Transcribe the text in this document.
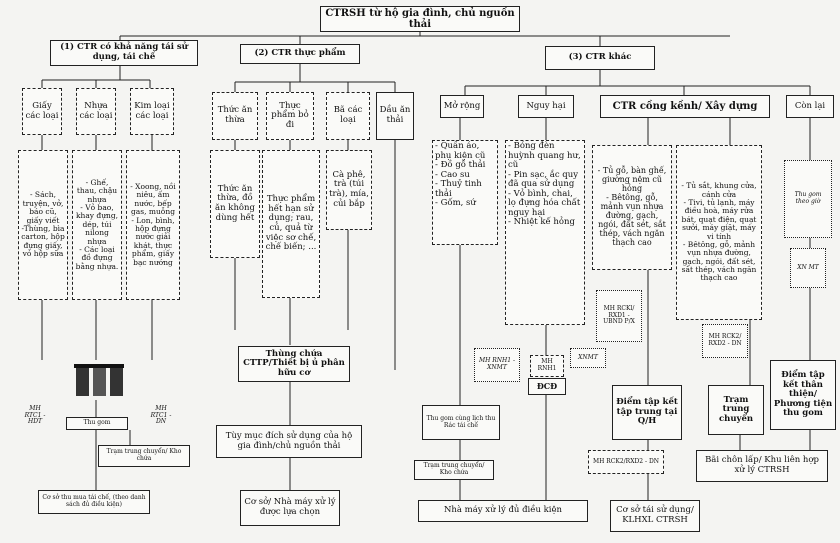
CTRSH từ hộ gia đình, chủ nguồn thải
(1) CTR có khả năng tái sử dụng, tái chế	(2) CTR thực phẩm	(3) CTR khác
Giấy các loại
Nhựa các loại
Kim loại các loại
- Sách, truyện, vở, báo cũ, giấy viết
-Thùng, bìa carton, hộp đựng giấy, vỏ hộp sữa
- Ghế, thau, chậu nhựa
- Vỏ bao, khay đựng, dép, túi nilong nhựa
- Các loại đồ đựng bằng nhựa.
- Xoong, nồi niêu, ấm nước, bếp gas, muỗng
- Lon, bình, hộp đựng nước giải khát, thực phẩm, giấy bạc nướng
MH RTC1 - HDT
MH RTC1 - DN
Thu gom
Trạm trung chuyển/ Kho chứa
Cơ sở thu mua tái chế, (theo danh sách đủ điều kiện)
Thức ăn thừa
Thực phẩm bỏ đi
Bã các loại
Dầu ăn thải
Thức ăn thừa, đồ ăn không dùng hết
Thực phẩm hết hạn sử dụng; rau, củ, quả từ việc sơ chế, chế biến; ...
Cà phê, trà (túi trà), mía, củi bắp
Thùng chứa CTTP/Thiết bị ủ phân hữu cơ
Tùy mục đích sử dụng của hộ gia đình/chủ nguồn thải
Cơ sở/ Nhà máy xử lý được lựa chọn
Mở rộng	Nguy hại	CTR cồng kềnh/ Xây dựng	Còn lại
- Quần áo, phụ kiện cũ
- Đồ gỗ thải
- Cao su
- Thuỷ tinh thải
- Gốm, sứ
- Bóng đèn huỳnh quang hư, cũ
- Pin sạc, ắc quy đã qua sử dụng
- Vỏ bình, chai, lọ đựng hóa chất nguy hại
- Nhiệt kế hỏng
- Tủ gỗ, bàn ghế, giường nệm cũ hỏng
- Bêtông, gỗ, mảnh vụn nhựa đường, gạch, ngói, đất sét, sắt thép, vách ngăn thạch cao
- Tủ sắt, khung cửa, cánh cửa
- Tivi, tủ lạnh, máy điều hoà, máy rửa bát, quạt điện, quạt sưởi, máy giặt, máy vi tính
- Bêtông, gỗ, mảnh vụn nhựa đường, gạch, ngói, đất sét, sắt thép, vách ngăn thạch cao
Thu gom theo giờ
XN MT
MH RNH1 - XNMT
MH RNH1
ĐCĐ
XNMT
MH RCKl/ RXD1 - UBND P/X
MH RCK2/ RXD2 - DN
Điểm tập kết tập trung tại Q/H
Trạm trung chuyển
Điểm tập kết thân thiện/ Phương tiện thu gom
Thu gom cùng lịch thu Rác tái chế
Trạm trung chuyển/ Kho chứa
Nhà máy xử lý đủ điều kiện
MH RCK2/RXD2 - DN
Cơ sở tái sử dụng/ KLHXL CTRSH
Bãi chôn lấp/ Khu liên hợp xử lý CTRSH
